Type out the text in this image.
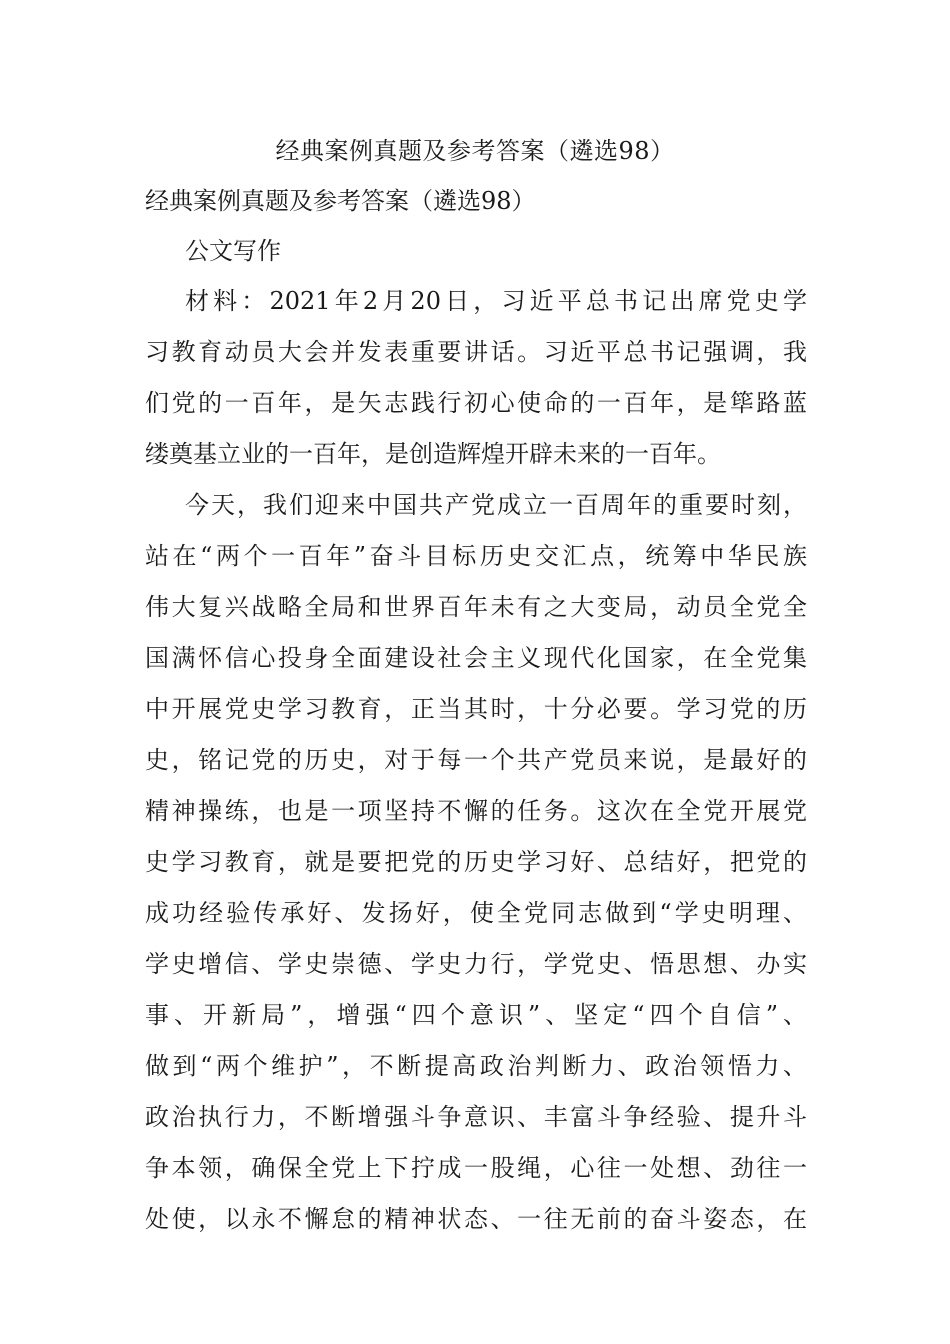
经典案例真题及参考答案（遴选98）
经典案例真题及参考答案（遴选98）
公文写作
材料：2021年2月20日，习近平总书记出席党史学
习教育动员大会并发表重要讲话。习近平总书记强调，我
们党的一百年，是矢志践行初心使命的一百年，是筚路蓝
缕奠基立业的一百年，是创造辉煌开辟未来的一百年。
今天，我们迎来中国共产党成立一百周年的重要时刻，
站在“两个一百年”奋斗目标历史交汇点，统筹中华民族
伟大复兴战略全局和世界百年未有之大变局，动员全党全
国满怀信心投身全面建设社会主义现代化国家，在全党集
中开展党史学习教育，正当其时，十分必要。学习党的历
史，铭记党的历史，对于每一个共产党员来说，是最好的
精神操练，也是一项坚持不懈的任务。这次在全党开展党
史学习教育，就是要把党的历史学习好、总结好，把党的
成功经验传承好、发扬好，使全党同志做到“学史明理、
学史增信、学史崇德、学史力行，学党史、悟思想、办实
事、开新局”，增强“四个意识”、坚定“四个自信”、
做到“两个维护”，不断提高政治判断力、政治领悟力、
政治执行力，不断增强斗争意识、丰富斗争经验、提升斗
争本领，确保全党上下拧成一股绳，心往一处想、劲往一
处使，以永不懈怠的精神状态、一往无前的奋斗姿态，在
